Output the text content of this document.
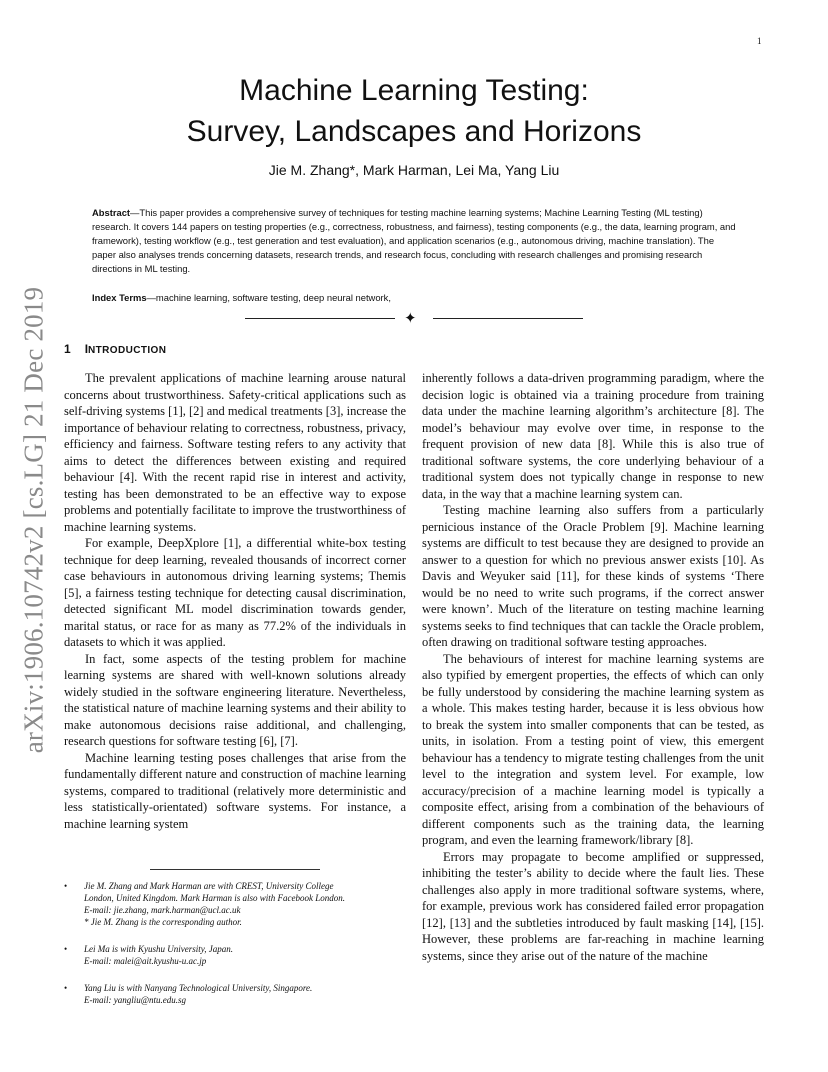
1
arXiv:1906.10742v2 [cs.LG] 21 Dec 2019
Machine Learning Testing:
Survey, Landscapes and Horizons
Jie M. Zhang*, Mark Harman, Lei Ma, Yang Liu
Abstract—This paper provides a comprehensive survey of techniques for testing machine learning systems; Machine Learning Testing (ML testing) research. It covers 144 papers on testing properties (e.g., correctness, robustness, and fairness), testing components (e.g., the data, learning program, and framework), testing workflow (e.g., test generation and test evaluation), and application scenarios (e.g., autonomous driving, machine translation). The paper also analyses trends concerning datasets, research trends, and research focus, concluding with research challenges and promising research directions in ML testing.
Index Terms—machine learning, software testing, deep neural network,
✦
1 INTRODUCTION

The prevalent applications of machine learning arouse natural concerns about trustworthiness. Safety-critical applications such as self-driving systems [1], [2] and medical treatments [3], increase the importance of behaviour relating to correctness, robustness, privacy, efficiency and fairness. Software testing refers to any activity that aims to detect the differences between existing and required behaviour [4]. With the recent rapid rise in interest and activity, testing has been demonstrated to be an effective way to expose problems and potentially facilitate to improve the trustworthiness of machine learning systems.

For example, DeepXplore [1], a differential white-box testing technique for deep learning, revealed thousands of incorrect corner case behaviours in autonomous driving learning systems; Themis [5], a fairness testing technique for detecting causal discrimination, detected significant ML model discrimination towards gender, marital status, or race for as many as 77.2% of the individuals in datasets to which it was applied.

In fact, some aspects of the testing problem for machine learning systems are shared with well-known solutions already widely studied in the software engineering literature. Nevertheless, the statistical nature of machine learning systems and their ability to make autonomous decisions raise additional, and challenging, research questions for software testing [6], [7].

Machine learning testing poses challenges that arise from the fundamentally different nature and construction of machine learning systems, compared to traditional (relatively more deterministic and less statistically-orientated) software systems. For instance, a machine learning system

inherently follows a data-driven programming paradigm, where the decision logic is obtained via a training procedure from training data under the machine learning algorithm’s architecture [8]. The model’s behaviour may evolve over time, in response to the frequent provision of new data [8]. While this is also true of traditional software systems, the core underlying behaviour of a traditional system does not typically change in response to new data, in the way that a machine learning system can.

Testing machine learning also suffers from a particularly pernicious instance of the Oracle Problem [9]. Machine learning systems are difficult to test because they are designed to provide an answer to a question for which no previous answer exists [10]. As Davis and Weyuker said [11], for these kinds of systems ‘There would be no need to write such programs, if the correct answer were known’. Much of the literature on testing machine learning systems seeks to find techniques that can tackle the Oracle problem, often drawing on traditional software testing approaches.

The behaviours of interest for machine learning systems are also typified by emergent properties, the effects of which can only be fully understood by considering the machine learning system as a whole. This makes testing harder, because it is less obvious how to break the system into smaller components that can be tested, as units, in isolation. From a testing point of view, this emergent behaviour has a tendency to migrate testing challenges from the unit level to the integration and system level. For example, low accuracy/precision of a machine learning model is typically a composite effect, arising from a combination of the behaviours of different components such as the training data, the learning program, and even the learning framework/library [8].

Errors may propagate to become amplified or suppressed, inhibiting the tester’s ability to decide where the fault lies. These challenges also apply in more traditional software systems, where, for example, previous work has considered failed error propagation [12], [13] and the subtleties introduced by fault masking [14], [15]. However, these problems are far-reaching in machine learning systems, since they arise out of the nature of the machine

• Jie M. Zhang and Mark Harman are with CREST, University College
London, United Kingdom. Mark Harman is also with Facebook London.
E-mail: jie.zhang, mark.harman@ucl.ac.uk
* Jie M. Zhang is the corresponding author.
• Lei Ma is with Kyushu University, Japan.
E-mail: malei@ait.kyushu-u.ac.jp
• Yang Liu is with Nanyang Technological University, Singapore.
E-mail: yangliu@ntu.edu.sg
